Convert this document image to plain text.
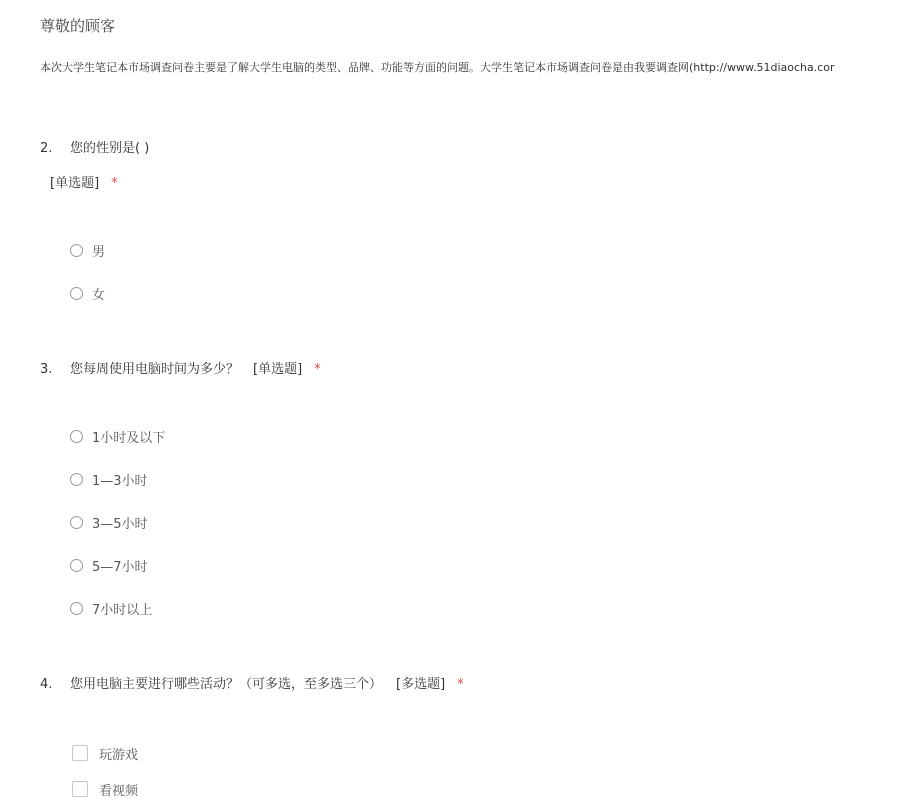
尊敬的顾客
本次大学生笔记本市场调查问卷主要是了解大学生电脑的类型、品牌、功能等方面的问题。大学生笔记本市场调查问卷是由我要调查网(http://www.51diaocha.cor
2. 您的性别是( )
[单选题] *
男
女
3. 您每周使用电脑时间为多少？ [单选题] *
1小时及以下
1—3小时
3—5小时
5—7小时
7小时以上
4. 您用电脑主要进行哪些活动？（可多选，至多选三个） [多选题] *
玩游戏
看视频
